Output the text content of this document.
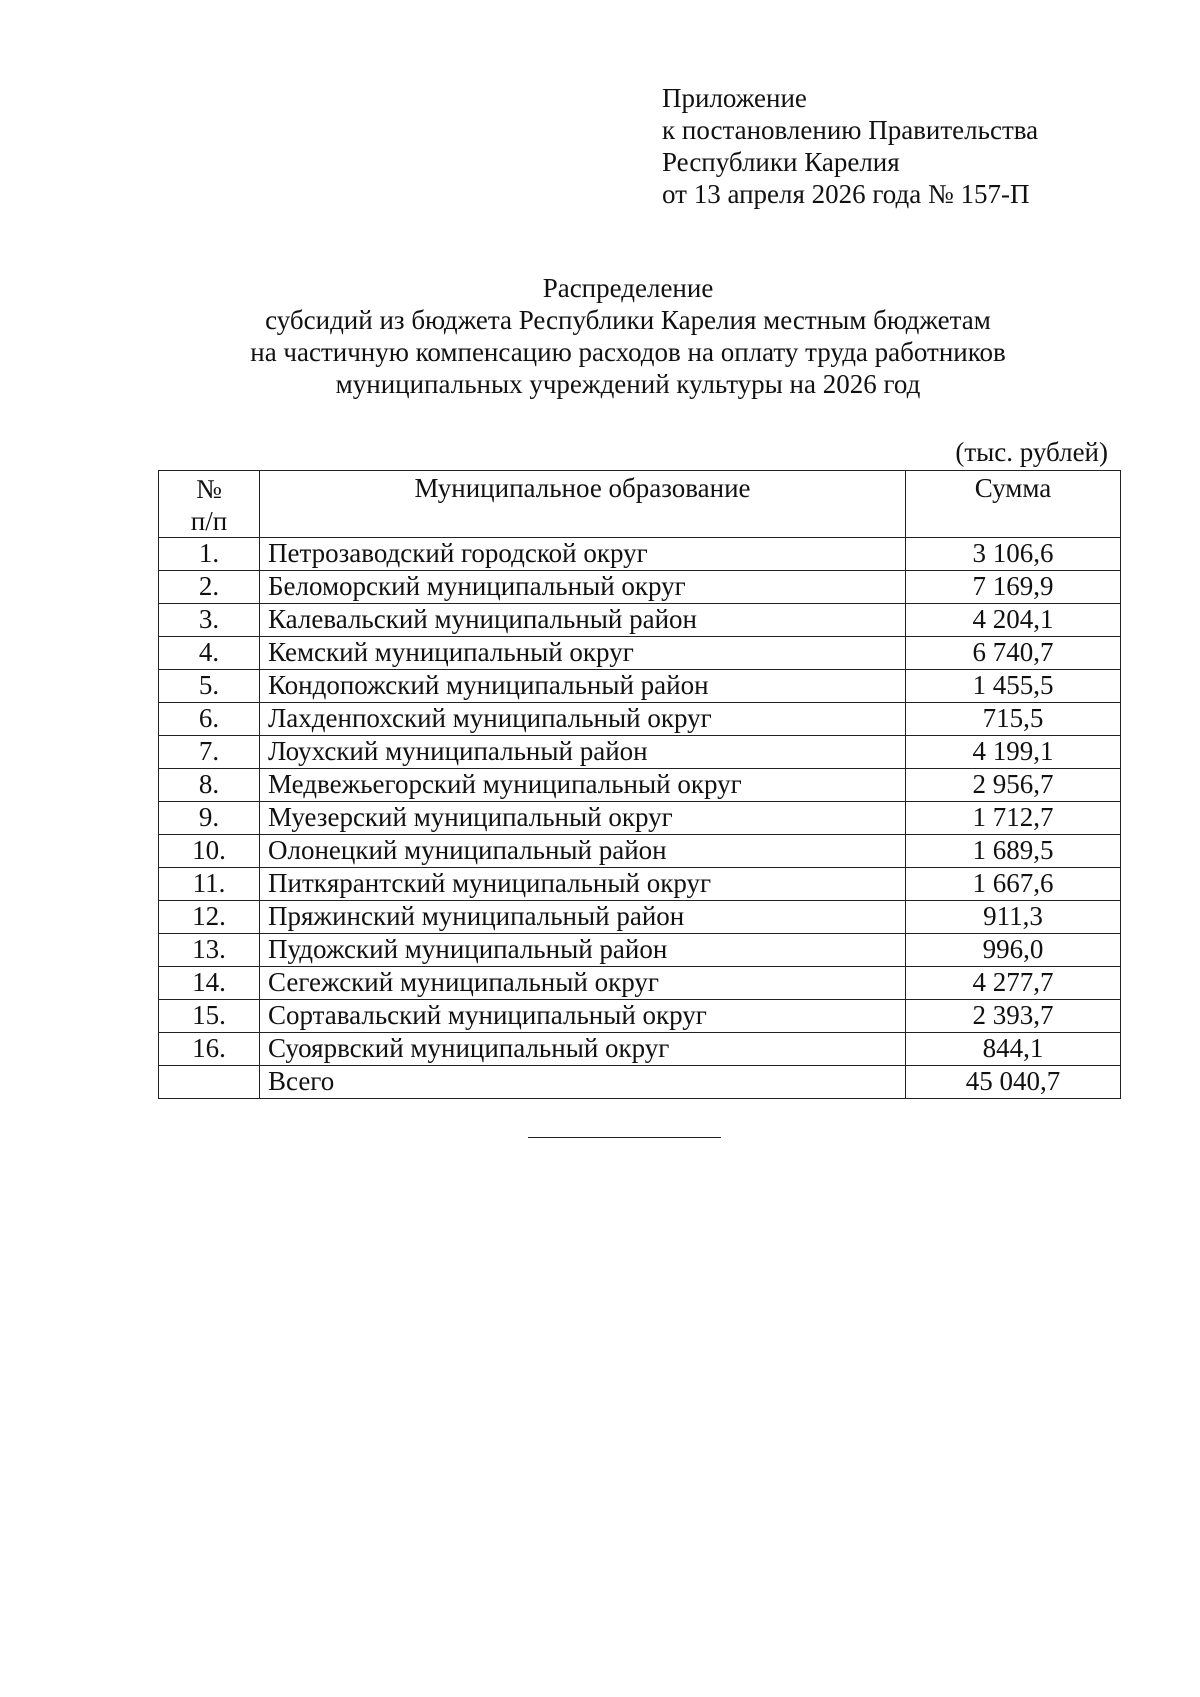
Приложение
к постановлению Правительства
Республики Карелия
от 13 апреля 2026 года № 157-П
Распределение
субсидий из бюджета Республики Карелия местным бюджетам
на частичную компенсацию расходов на оплату труда работников
муниципальных учреждений культуры на 2026 год
(тыс. рублей)
№
п/п	Муниципальное образование	Сумма
1.	Петрозаводский городской округ	3 106,6
2.	Беломорский муниципальный округ	7 169,9
3.	Калевальский муниципальный район	4 204,1
4.	Кемский муниципальный округ	6 740,7
5.	Кондопожский муниципальный район	1 455,5
6.	Лахденпохский муниципальный округ	715,5
7.	Лоухский муниципальный район	4 199,1
8.	Медвежьегорский муниципальный округ	2 956,7
9.	Муезерский муниципальный округ	1 712,7
10.	Олонецкий муниципальный район	1 689,5
11.	Питкярантский муниципальный округ	1 667,6
12.	Пряжинский муниципальный район	911,3
13.	Пудожский муниципальный район	996,0
14.	Сегежский муниципальный округ	4 277,7
15.	Сортавальский муниципальный округ	2 393,7
16.	Суоярвский муниципальный округ	844,1
	Всего	45 040,7
